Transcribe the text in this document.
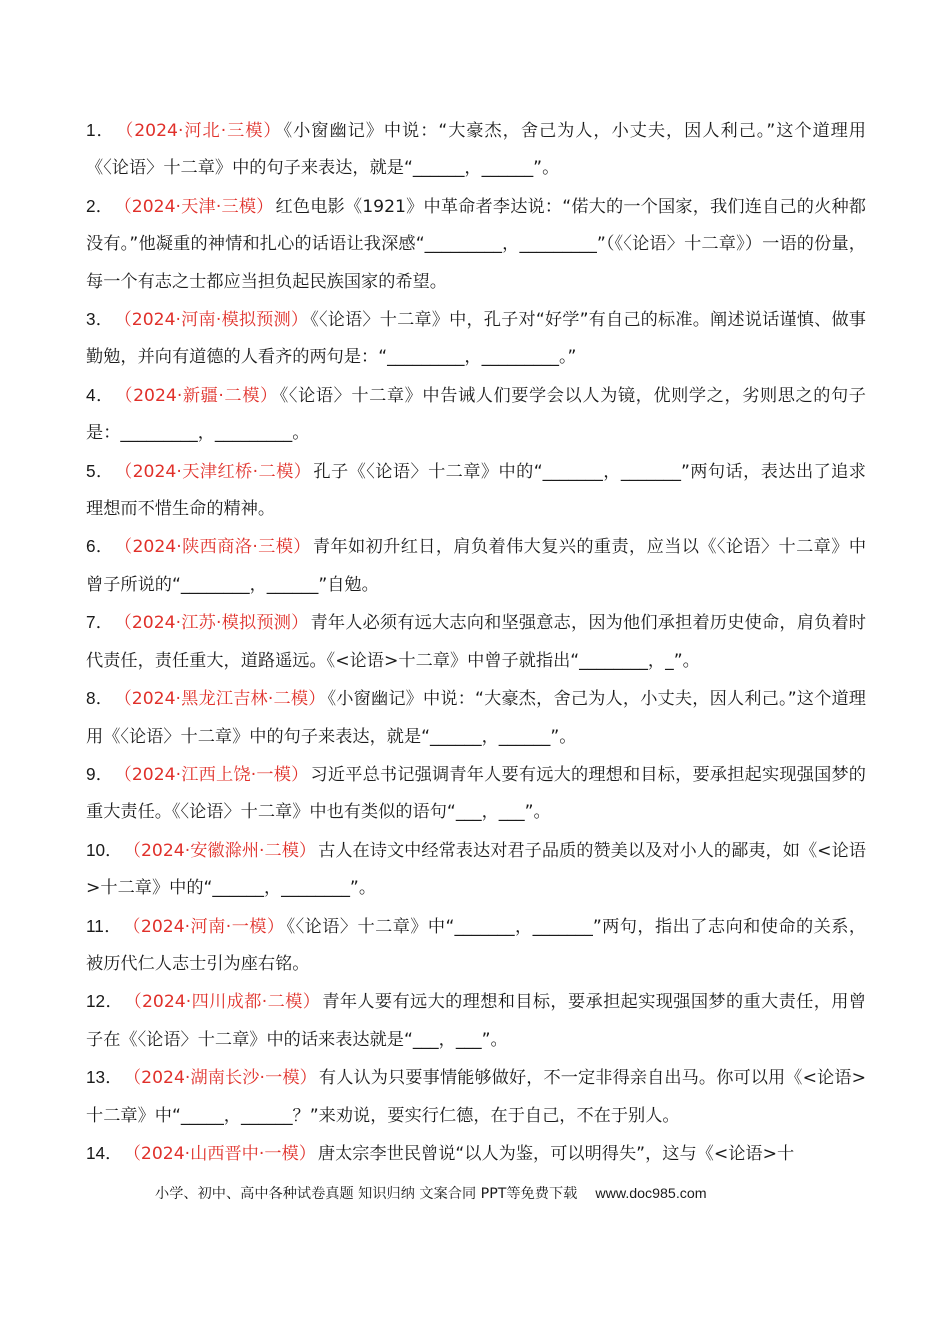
1． （2024·河北·三模） 《小窗幽记》中说：“大豪杰，舍己为人，小丈夫，因人利己。”这个道理用《〈论语〉十二章》中的句子来表达，就是“______，______”。

2． （2024·天津·三模） 红色电影《1921》中革命者李达说：“偌大的一个国家，我们连自己的火种都没有。”他凝重的神情和扎心的话语让我深感“_________，_________”（《〈论语〉十二章》）一语的份量，每一个有志之士都应当担负起民族国家的希望。

3． （2024·河南·模拟预测） 《〈论语〉十二章》中，孔子对“好学”有自己的标准。阐述说话谨慎、做事勤勉，并向有道德的人看齐的两句是：“_________，_________。”

4． （2024·新疆·二模） 《〈论语〉十二章》中告诫人们要学会以人为镜，优则学之，劣则思之的句子是：_________，_________。

5． （2024·天津红桥·二模） 孔子《〈论语〉十二章》中的“_______，_______”两句话，表达出了追求理想而不惜生命的精神。

6． （2024·陕西商洛·三模） 青年如初升红日，肩负着伟大复兴的重责，应当以《〈论语〉十二章》中曾子所说的“________，______”自勉。

7． （2024·江苏·模拟预测） 青年人必须有远大志向和坚强意志，因为他们承担着历史使命，肩负着时代责任，责任重大，道路遥远。《<论语>十二章》中曾子就指出“________，_”。

8． （2024·黑龙江吉林·二模） 《小窗幽记》中说：“大豪杰，舍己为人，小丈夫，因人利己。”这个道理用《〈论语〉十二章》中的句子来表达，就是“______，______”。

9． （2024·江西上饶·一模） 习近平总书记强调青年人要有远大的理想和目标，要承担起实现强国梦的重大责任。《〈论语〉十二章》中也有类似的语句“___，___”。

10． （2024·安徽滁州·二模） 古人在诗文中经常表达对君子品质的赞美以及对小人的鄙夷，如《<论语>十二章》中的“______，________”。

11． （2024·河南·一模） 《〈论语〉十二章》中“_______，_______”两句，指出了志向和使命的关系，被历代仁人志士引为座右铭。

12． （2024·四川成都·二模） 青年人要有远大的理想和目标，要承担起实现强国梦的重大责任，用曾子在《〈论语〉十二章》中的话来表达就是“___，___”。

13． （2024·湖南长沙·一模） 有人认为只要事情能够做好，不一定非得亲自出马。你可以用《<论语>十二章》中“_____，______？”来劝说，要实行仁德，在于自己，不在于别人。

14． （2024·山西晋中·一模） 唐太宗李世民曾说“以人为鉴，可以明得失”，这与《<论语>十

小学、初中、高中各种试卷真题 知识归纳 文案合同 PPT等免费下载 www.doc985.com
